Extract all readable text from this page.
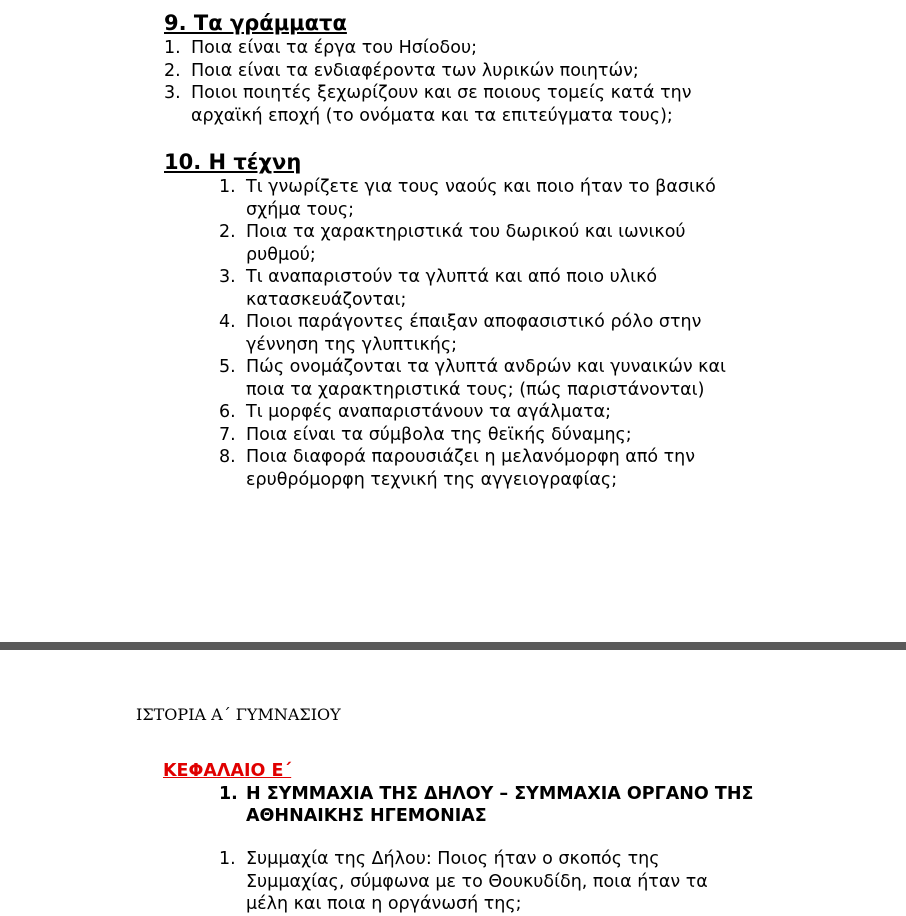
9. Τα γράμματα
1. Ποια είναι τα έργα του Ησίοδου;
2. Ποια είναι τα ενδιαφέροντα των λυρικών ποιητών;
3. Ποιοι ποιητές ξεχωρίζουν και σε ποιους τομείς κατά την αρχαϊκή εποχή (το ονόματα και τα επιτεύγματα τους);
10. Η τέχνη
1. Τι γνωρίζετε για τους ναούς και ποιο ήταν το βασικό σχήμα τους;
2. Ποια τα χαρακτηριστικά του δωρικού και ιωνικού ρυθμού;
3. Τι αναπαριστούν τα γλυπτά και από ποιο υλικό κατασκευάζονται;
4. Ποιοι παράγοντες έπαιξαν αποφασιστικό ρόλο στην γέννηση της γλυπτικής;
5. Πώς ονομάζονται τα γλυπτά ανδρών και γυναικών και ποια τα χαρακτηριστικά τους; (πώς παριστάνονται)
6. Τι μορφές αναπαριστάνουν τα αγάλματα;
7. Ποια είναι τα σύμβολα της θεϊκής δύναμης;
8. Ποια διαφορά παρουσιάζει η μελανόμορφη από την ερυθρόμορφη τεχνική της αγγειογραφίας;
ΙΣΤΟΡΙΑ Α΄ ΓΥΜΝΑΣΙΟΥ
ΚΕΦΑΛΑΙΟ Ε΄
1. Η ΣΥΜΜΑΧΙΑ ΤΗΣ ΔΗΛΟΥ – ΣΥΜΜΑΧΙΑ ΟΡΓΑΝΟ ΤΗΣ ΑΘΗΝΑΙΚΗΣ ΗΓΕΜΟΝΙΑΣ
1. Συμμαχία της Δήλου: Ποιος ήταν ο σκοπός της Συμμαχίας, σύμφωνα με το Θουκυδίδη, ποια ήταν τα μέλη και ποια η οργάνωσή της;
